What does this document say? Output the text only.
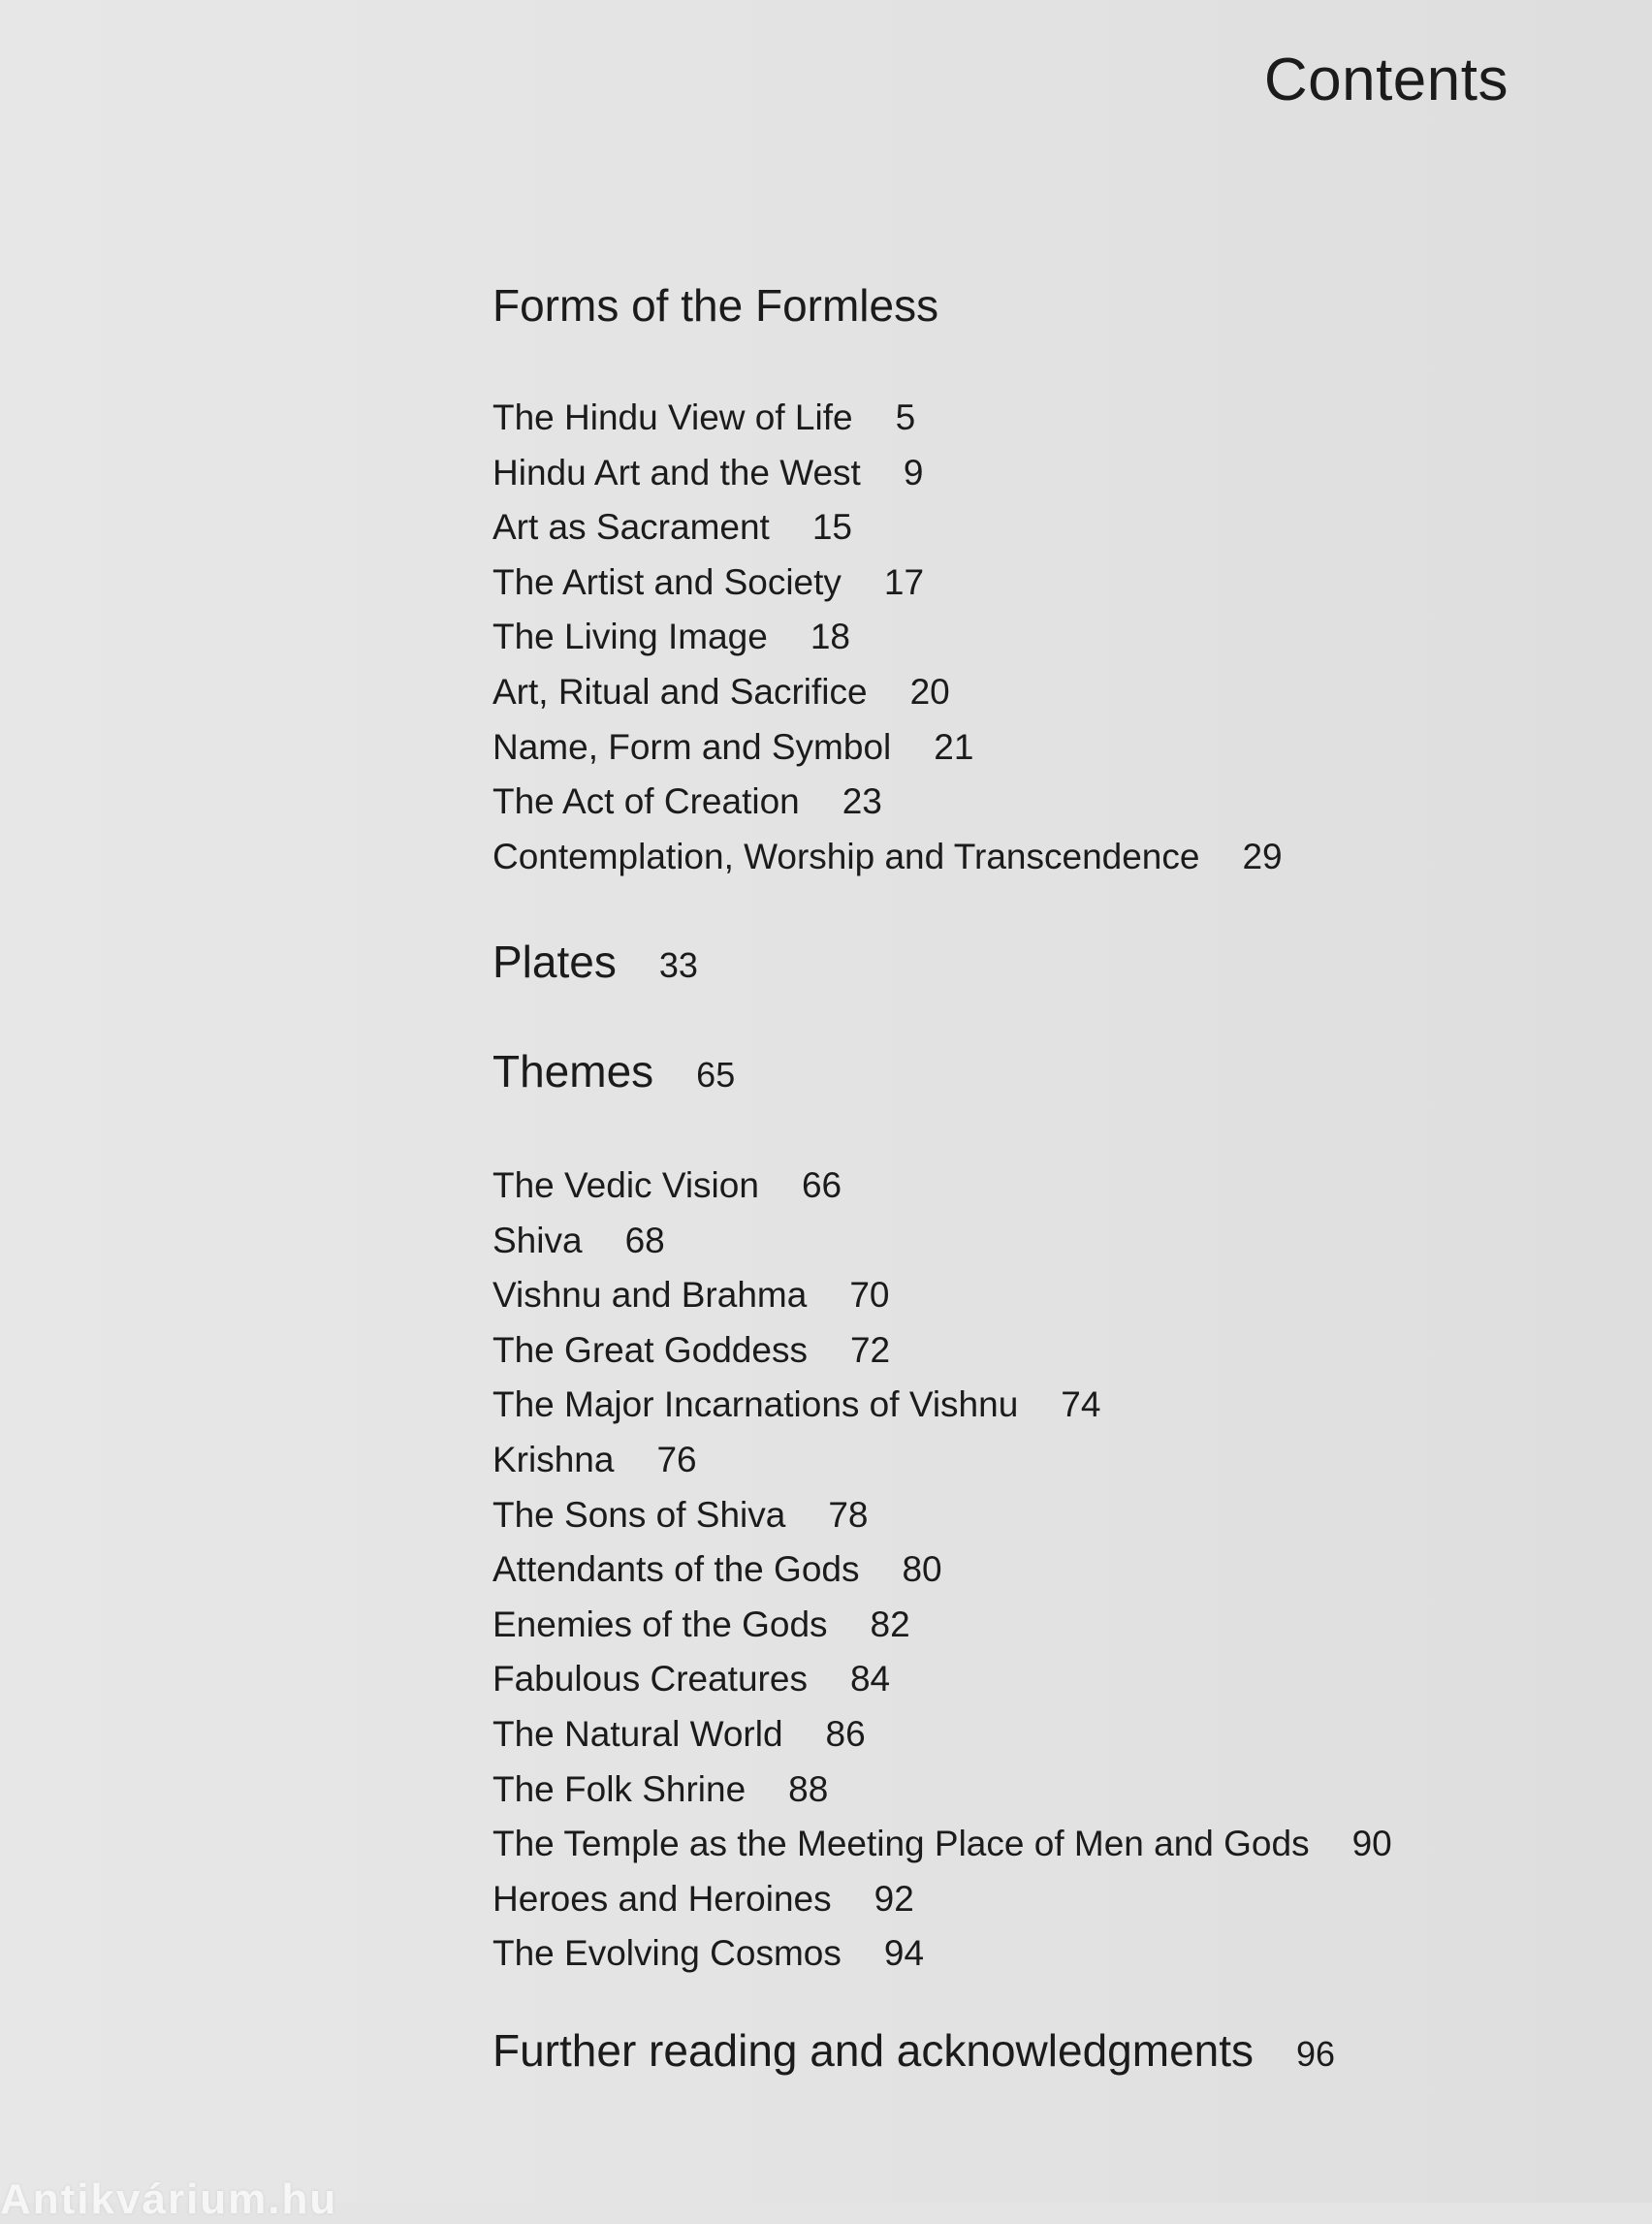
Contents
Forms of the Formless
The Hindu View of Life 5
Hindu Art and the West 9
Art as Sacrament 15
The Artist and Society 17
The Living Image 18
Art, Ritual and Sacrifice 20
Name, Form and Symbol 21
The Act of Creation 23
Contemplation, Worship and Transcendence 29
Plates 33
Themes 65
The Vedic Vision 66
Shiva 68
Vishnu and Brahma 70
The Great Goddess 72
The Major Incarnations of Vishnu 74
Krishna 76
The Sons of Shiva 78
Attendants of the Gods 80
Enemies of the Gods 82
Fabulous Creatures 84
The Natural World 86
The Folk Shrine 88
The Temple as the Meeting Place of Men and Gods 90
Heroes and Heroines 92
The Evolving Cosmos 94
Further reading and acknowledgments 96
Antikvárium.hu
